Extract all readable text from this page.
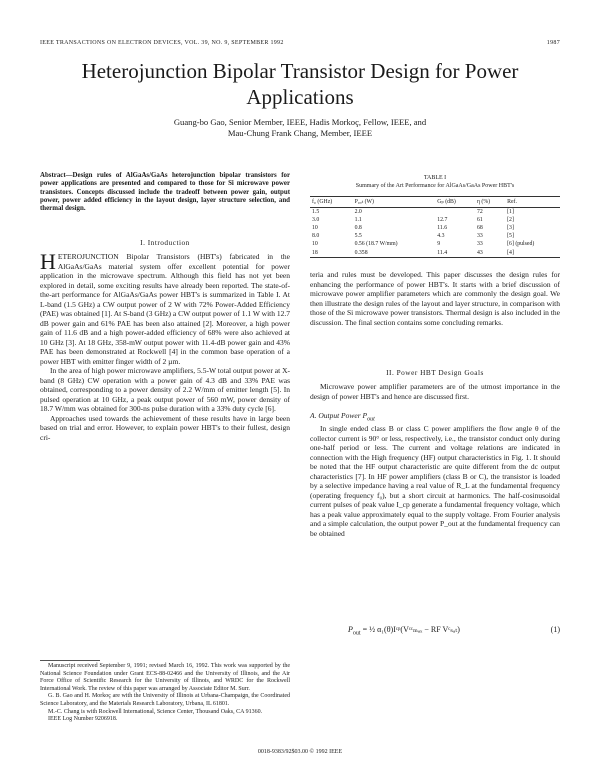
IEEE TRANSACTIONS ON ELECTRON DEVICES, VOL. 39, NO. 9, SEPTEMBER 1992	1987
Heterojunction Bipolar Transistor Design for Power Applications
Guang-bo Gao, Senior Member, IEEE, Hadis Morkoç, Fellow, IEEE, and
Mau-Chung Frank Chang, Member, IEEE
Abstract—Design rules of AlGaAs/GaAs heterojunction bipolar transistors for power applications are presented and compared to those for Si microwave power transistors. Concepts discussed include the tradeoff between power gain, output power, power added efficiency in the layout design, layer structure selection, and thermal design.
I. Introduction

HETEROJUNCTION Bipolar Transistors (HBT's) fabricated in the AlGaAs/GaAs material system offer excellent potential for power application in the microwave spectrum. Although this field has not yet been explored in detail, some exciting results have already been reported. The state-of-the-art performance for AlGaAs/GaAs power HBT's is summarized in Table I. At L-band (1.5 GHz) a CW output power of 2 W with 72% Power-Added Efficiency (PAE) was obtained [1]. At S-band (3 GHz) a CW output power of 1.1 W with 12.7 dB power gain and 61% PAE has been also attained [2]. Moreover, a high power gain of 11.6 dB and a high power-added efficiency of 68% were also achieved at 10 GHz [3]. At 18 GHz, 358-mW output power with 11.4-dB power gain and 43% PAE has been demonstrated at Rockwell [4] in the common base operation of a power HBT with emitter finger width of 2 µm.

In the area of high power microwave amplifiers, 5.5-W total output power at X-band (8 GHz) CW operation with a power gain of 4.3 dB and 33% PAE was obtained, corresponding to a power density of 2.2 W/mm of emitter length [5]. In pulsed operation at 10 GHz, a peak output power of 560 mW, power density of 18.7 W/mm was obtained for 300-ns pulse duration with a 33% duty cycle [6].

Approaches used towards the achievement of these results have in large been based on trial and error. However, to explain power HBT's to their fullest, design cri-

Manuscript received September 9, 1991; revised March 16, 1992. This work was supported by the National Science Foundation under Grant ECS-88-02466 and the University of Illinois, and the Air Force Office of Scientific Research for the University of Illinois, and WRDC for the Rockwell International Work. The review of this paper was arranged by Associate Editor M. Surr.

G. B. Gao and H. Morkoç are with the University of Illinois at Urbana-Champaign, the Coordinated Science Laboratory, and the Materials Research Laboratory, Urbana, IL 61801.

M.-C. Chang is with Rockwell International, Science Center, Thousand Oaks, CA 91360.

IEEE Log Number 9206918.

TABLE I
Summary of the Art Performance for AlGaAs/GaAs Power HBT's
f₀ (GHz)	P₀ᵤₜ (W)	Gₚ (dB)	η (%)	Ref.
1.5	2.0		72	[1]
3.0	1.1	12.7	61	[2]
10	0.8	11.6	68	[3]
8.0	5.5	4.3	33	[5]
10	0.56 (18.7 W/mm)	9	33	[6] (pulsed)
18	0.358	11.4	43	[4]

teria and rules must be developed. This paper discusses the design rules for enhancing the performance of power HBT's. It starts with a brief discussion of microwave power amplifier parameters which are commonly the design goal. We then illustrate the design rules of the layout and layer structure, in comparison with those of the Si microwave power transistors. Thermal design is also included in the discussion. The final section contains some concluding remarks.

II. Power HBT Design Goals

Microwave power amplifier parameters are of the utmost importance in the design of power HBT's and hence are discussed first.

A. Output Power $P_{out}$

In single ended class B or class C power amplifiers the flow angle θ of the collector current is 90° or less, respectively, i.e., the transistor conduct only during one-half period or less. The current and voltage relations are indicated in connection with the High frequency (HF) output characteristics in Fig. 1. It should be noted that the HF output characteristic are quite different from the dc output characteristics [7]. In HF power amplifiers (class B or C), the transistor is loaded by a selective impedance having a real value of R_L at the fundamental frequency (operating frequency f₀), but a short circuit at harmonics. The half-cosinusoidal current pulses of peak value I_cp generate a fundamental frequency voltage, which has a peak value approximately equal to the supply voltage. From Fourier analysis and a simple calculation, the output power P_out at the fundamental frequency can be obtained

$P_{out}$ = ½ α₁(θ)Iᶜᵖ(Vᶜᶜₘₐₓ − RF Vᶜₛₐₜ)	(1)
0018-9383/92$03.00 © 1992 IEEE
